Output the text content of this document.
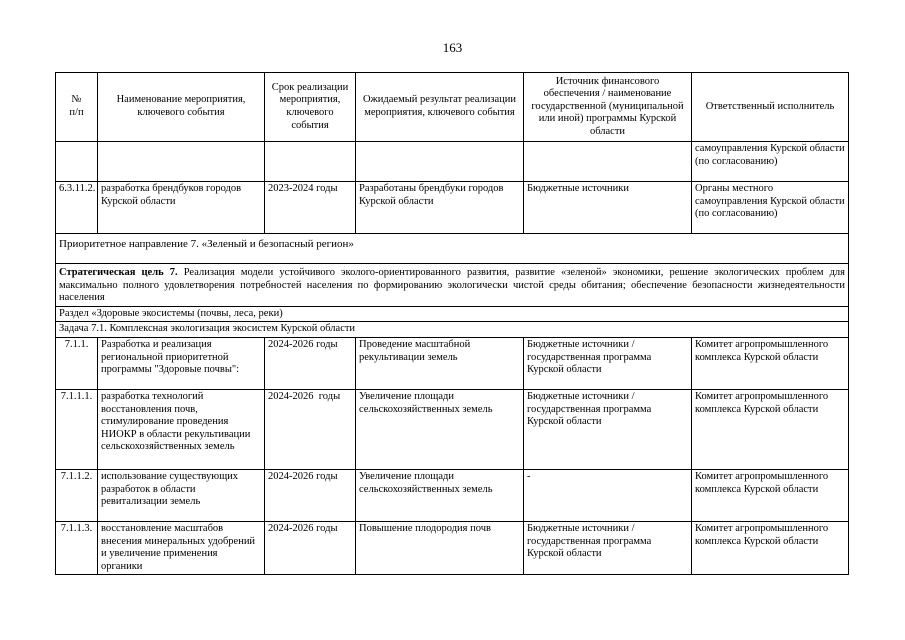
163
№
п/п	Наименование мероприятия, ключевого события	Срок реализации мероприятия, ключевого события	Ожидаемый результат реализации мероприятия, ключевого события	Источник финансового обеспечения / наименование государственной (муниципальной или иной) программы Курской области	Ответственный исполнитель
					самоуправления Курской области (по согласованию)
6.3.11.2.	разработка брендбуков городов Курской области	2023-2024 годы	Разработаны брендбуки городов Курской области	Бюджетные источники	Органы местного самоуправления Курской области (по согласованию)
Приоритетное направление 7. «Зеленый и безопасный регион»					
Стратегическая цель 7. Реализация модели устойчивого эколого-ориентированного развития, развитие «зеленой» экономики, решение экологических проблем для максимально полного удовлетворения потребностей населения по формированию экологически чистой среды обитания; обеспечение безопасности жизнедеятельности населения					
Раздел «Здоровые экосистемы (почвы, леса, реки)					
Задача 7.1. Комплексная экологизация экосистем Курской области					
7.1.1.	Разработка и реализация региональной приоритетной программы "Здоровые почвы":	2024-2026 годы	Проведение масштабной рекультивации земель	Бюджетные источники / государственная программа Курской области	Комитет агропромышленного комплекса Курской области
7.1.1.1.	разработка технологий восстановления почв, стимулирование проведения НИОКР в области рекультивации сельскохозяйственных земель	2024-2026  годы	Увеличение площади сельскохозяйственных земель	Бюджетные источники / государственная программа Курской области	Комитет агропромышленного комплекса Курской области
7.1.1.2.	использование существующих разработок в области ревитализации земель	2024-2026 годы	Увеличение площади сельскохозяйственных земель	-	Комитет агропромышленного комплекса Курской области
7.1.1.3.	восстановление масштабов внесения минеральных удобрений и увеличение применения органики	2024-2026 годы	Повышение плодородия почв	Бюджетные источники / государственная программа Курской области	Комитет агропромышленного комплекса Курской области
